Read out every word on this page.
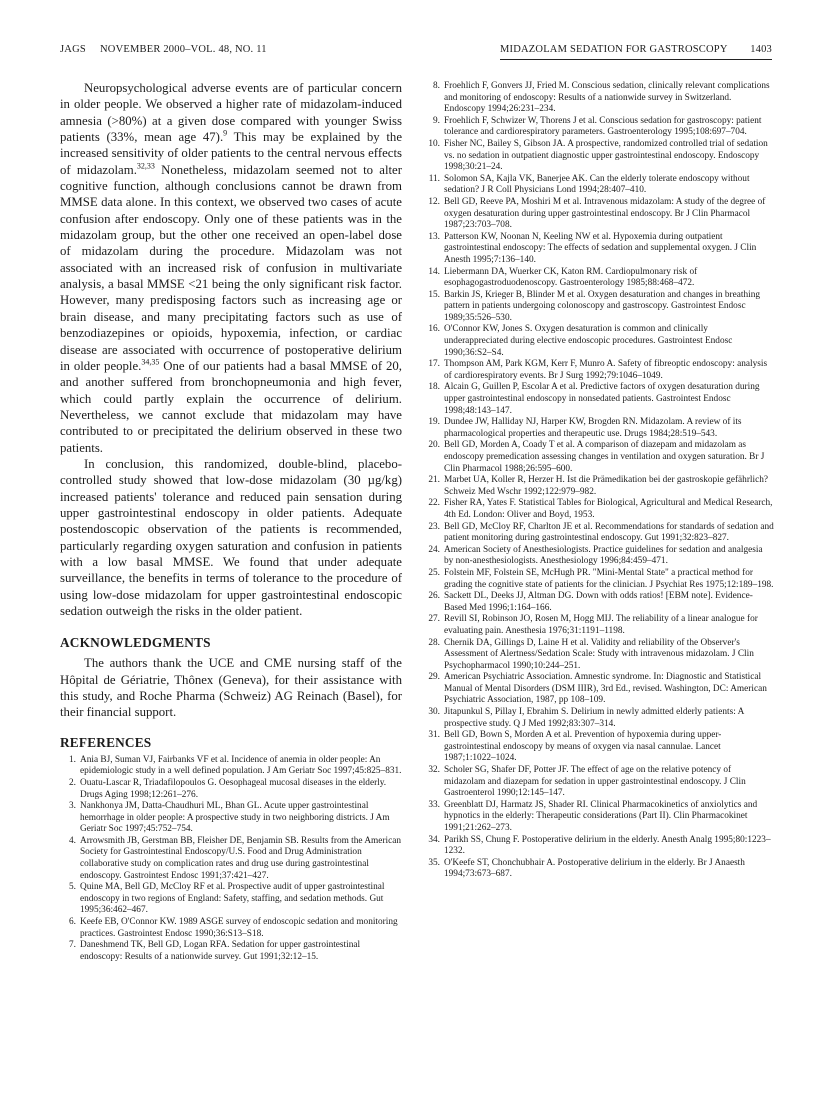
JAGS     NOVEMBER 2000–VOL. 48, NO. 11	MIDAZOLAM SEDATION FOR GASTROSCOPY 1403

Neuropsychological adverse events are of particular concern in older people. We observed a higher rate of midazolam-induced amnesia (>80%) at a given dose compared with younger Swiss patients (33%, mean age 47).$^9$ This may be explained by the increased sensitivity of older patients to the central nervous effects of midazolam.$^{32,33}$ Nonetheless, midazolam seemed not to alter cognitive function, although conclusions cannot be drawn from MMSE data alone. In this context, we observed two cases of acute confusion after endoscopy. Only one of these patients was in the midazolam group, but the other one received an open-label dose of midazolam during the procedure. Midazolam was not associated with an increased risk of confusion in multivariate analysis, a basal MMSE <21 being the only significant risk factor. However, many predisposing factors such as increasing age or brain disease, and many precipitating factors such as use of benzodiazepines or opioids, hypoxemia, infection, or cardiac disease are associated with occurrence of postoperative delirium in older people.$^{34,35}$ One of our patients had a basal MMSE of 20, and another suffered from bronchopneumonia and high fever, which could partly explain the occurrence of delirium. Nevertheless, we cannot exclude that midazolam may have contributed to or precipitated the delirium observed in these two patients.

In conclusion, this randomized, double-blind, placebo-controlled study showed that low-dose midazolam (30 µg/kg) increased patients' tolerance and reduced pain sensation during upper gastrointestinal endoscopy in older patients. Adequate postendoscopic observation of the patients is recommended, particularly regarding oxygen saturation and confusion in patients with a low basal MMSE. We found that under adequate surveillance, the benefits in terms of tolerance to the procedure of using low-dose midazolam for upper gastrointestinal endoscopic sedation outweigh the risks in the older patient.

ACKNOWLEDGMENTS

The authors thank the UCE and CME nursing staff of the Hôpital de Gériatrie, Thônex (Geneva), for their assistance with this study, and Roche Pharma (Schweiz) AG Reinach (Basel), for their financial support.

REFERENCES
1. Ania BJ, Suman VJ, Fairbanks VF et al. Incidence of anemia in older people: An epidemiologic study in a well defined population. J Am Geriatr Soc 1997;45:825–831.
2. Ouatu-Lascar R, Triadafilopoulos G. Oesophageal mucosal diseases in the elderly. Drugs Aging 1998;12:261–276.
3. Nankhonya JM, Datta-Chaudhuri ML, Bhan GL. Acute upper gastrointestinal hemorrhage in older people: A prospective study in two neighboring districts. J Am Geriatr Soc 1997;45:752–754.
4. Arrowsmith JB, Gerstman BB, Fleisher DE, Benjamin SB. Results from the American Society for Gastrointestinal Endoscopy/U.S. Food and Drug Administration collaborative study on complication rates and drug use during gastrointestinal endoscopy. Gastrointest Endosc 1991;37:421–427.
5. Quine MA, Bell GD, McCloy RF et al. Prospective audit of upper gastrointestinal endoscopy in two regions of England: Safety, staffing, and sedation methods. Gut 1995;36:462–467.
6. Keefe EB, O'Connor KW. 1989 ASGE survey of endoscopic sedation and monitoring practices. Gastrointest Endosc 1990;36:S13–S18.
7. Daneshmend TK, Bell GD, Logan RFA. Sedation for upper gastrointestinal endoscopy: Results of a nationwide survey. Gut 1991;32:12–15.
8. Froehlich F, Gonvers JJ, Fried M. Conscious sedation, clinically relevant complications and monitoring of endoscopy: Results of a nationwide survey in Switzerland. Endoscopy 1994;26:231–234.
9. Froehlich F, Schwizer W, Thorens J et al. Conscious sedation for gastroscopy: patient tolerance and cardiorespiratory parameters. Gastroenterology 1995;108:697–704.
10. Fisher NC, Bailey S, Gibson JA. A prospective, randomized controlled trial of sedation vs. no sedation in outpatient diagnostic upper gastrointestinal endoscopy. Endoscopy 1998;30:21–24.
11. Solomon SA, Kajla VK, Banerjee AK. Can the elderly tolerate endoscopy without sedation? J R Coll Physicians Lond 1994;28:407–410.
12. Bell GD, Reeve PA, Moshiri M et al. Intravenous midazolam: A study of the degree of oxygen desaturation during upper gastrointestinal endoscopy. Br J Clin Pharmacol 1987;23:703–708.
13. Patterson KW, Noonan N, Keeling NW et al. Hypoxemia during outpatient gastrointestinal endoscopy: The effects of sedation and supplemental oxygen. J Clin Anesth 1995;7:136–140.
14. Liebermann DA, Wuerker CK, Katon RM. Cardiopulmonary risk of esophagogastroduodenoscopy. Gastroenterology 1985;88:468–472.
15. Barkin JS, Krieger B, Blinder M et al. Oxygen desaturation and changes in breathing pattern in patients undergoing colonoscopy and gastroscopy. Gastrointest Endosc 1989;35:526–530.
16. O'Connor KW, Jones S. Oxygen desaturation is common and clinically underappreciated during elective endoscopic procedures. Gastrointest Endosc 1990;36:S2–S4.
17. Thompson AM, Park KGM, Kerr F, Munro A. Safety of fibreoptic endoscopy: analysis of cardiorespiratory events. Br J Surg 1992;79:1046–1049.
18. Alcain G, Guillen P, Escolar A et al. Predictive factors of oxygen desaturation during upper gastrointestinal endoscopy in nonsedated patients. Gastrointest Endosc 1998;48:143–147.
19. Dundee JW, Halliday NJ, Harper KW, Brogden RN. Midazolam. A review of its pharmacological properties and therapeutic use. Drugs 1984;28:519–543.
20. Bell GD, Morden A, Coady T et al. A comparison of diazepam and midazolam as endoscopy premedication assessing changes in ventilation and oxygen saturation. Br J Clin Pharmacol 1988;26:595–600.
21. Marbet UA, Koller R, Herzer H. Ist die Prämedikation bei der gastroskopie gefährlich? Schweiz Med Wschr 1992;122:979–982.
22. Fisher RA, Yates F. Statistical Tables for Biological, Agricultural and Medical Research, 4th Ed. London: Oliver and Boyd, 1953.
23. Bell GD, McCloy RF, Charlton JE et al. Recommendations for standards of sedation and patient monitoring during gastrointestinal endoscopy. Gut 1991;32:823–827.
24. American Society of Anesthesiologists. Practice guidelines for sedation and analgesia by non-anesthesiologists. Anesthesiology 1996;84:459–471.
25. Folstein MF, Folstein SE, McHugh PR. "Mini-Mental State" a practical method for grading the cognitive state of patients for the clinician. J Psychiat Res 1975;12:189–198.
26. Sackett DL, Deeks JJ, Altman DG. Down with odds ratios! [EBM note]. Evidence-Based Med 1996;1:164–166.
27. Revill SI, Robinson JO, Rosen M, Hogg MIJ. The reliability of a linear analogue for evaluating pain. Anesthesia 1976;31:1191–1198.
28. Chernik DA, Gillings D, Laine H et al. Validity and reliability of the Observer's Assessment of Alertness/Sedation Scale: Study with intravenous midazolam. J Clin Psychopharmacol 1990;10:244–251.
29. American Psychiatric Association. Amnestic syndrome. In: Diagnostic and Statistical Manual of Mental Disorders (DSM IIIR), 3rd Ed., revised. Washington, DC: American Psychiatric Association, 1987, pp 108–109.
30. Jitapunkul S, Pillay I, Ebrahim S. Delirium in newly admitted elderly patients: A prospective study. Q J Med 1992;83:307–314.
31. Bell GD, Bown S, Morden A et al. Prevention of hypoxemia during upper-gastrointestinal endoscopy by means of oxygen via nasal cannulae. Lancet 1987;1:1022–1024.
32. Scholer SG, Shafer DF, Potter JF. The effect of age on the relative potency of midazolam and diazepam for sedation in upper gastrointestinal endoscopy. J Clin Gastroenterol 1990;12:145–147.
33. Greenblatt DJ, Harmatz JS, Shader RI. Clinical Pharmacokinetics of anxiolytics and hypnotics in the elderly: Therapeutic considerations (Part II). Clin Pharmacokinet 1991;21:262–273.
34. Parikh SS, Chung F. Postoperative delirium in the elderly. Anesth Analg 1995;80:1223–1232.
35. O'Keefe ST, Chonchubhair A. Postoperative delirium in the elderly. Br J Anaesth 1994;73:673–687.
